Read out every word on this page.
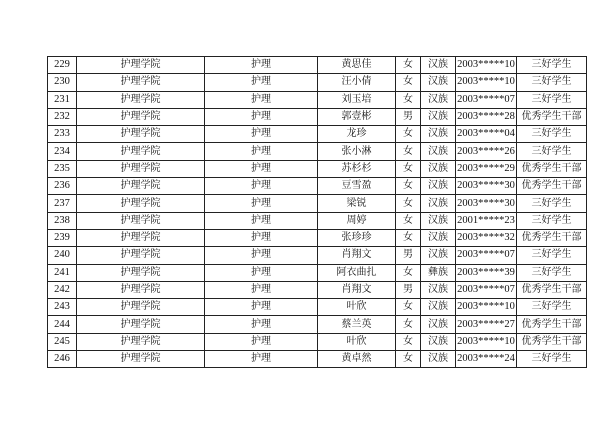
229	护理学院	护理	黄思佳	女	汉族	2003*****10	三好学生
230	护理学院	护理	汪小倩	女	汉族	2003*****10	三好学生
231	护理学院	护理	刘玉培	女	汉族	2003*****07	三好学生
232	护理学院	护理	郭壹彬	男	汉族	2003*****28	优秀学生干部
233	护理学院	护理	龙珍	女	汉族	2003*****04	三好学生
234	护理学院	护理	张小淋	女	汉族	2003*****26	三好学生
235	护理学院	护理	苏杉杉	女	汉族	2003*****29	优秀学生干部
236	护理学院	护理	豆雪盈	女	汉族	2003*****30	优秀学生干部
237	护理学院	护理	梁锐	女	汉族	2003*****30	三好学生
238	护理学院	护理	周婷	女	汉族	2001*****23	三好学生
239	护理学院	护理	张珍珍	女	汉族	2003*****32	优秀学生干部
240	护理学院	护理	肖翔文	男	汉族	2003*****07	三好学生
241	护理学院	护理	阿衣曲扎	女	彝族	2003*****39	三好学生
242	护理学院	护理	肖翔文	男	汉族	2003*****07	优秀学生干部
243	护理学院	护理	叶欣	女	汉族	2003*****10	三好学生
244	护理学院	护理	蔡兰英	女	汉族	2003*****27	优秀学生干部
245	护理学院	护理	叶欣	女	汉族	2003*****10	优秀学生干部
246	护理学院	护理	黄卓然	女	汉族	2003*****24	三好学生
